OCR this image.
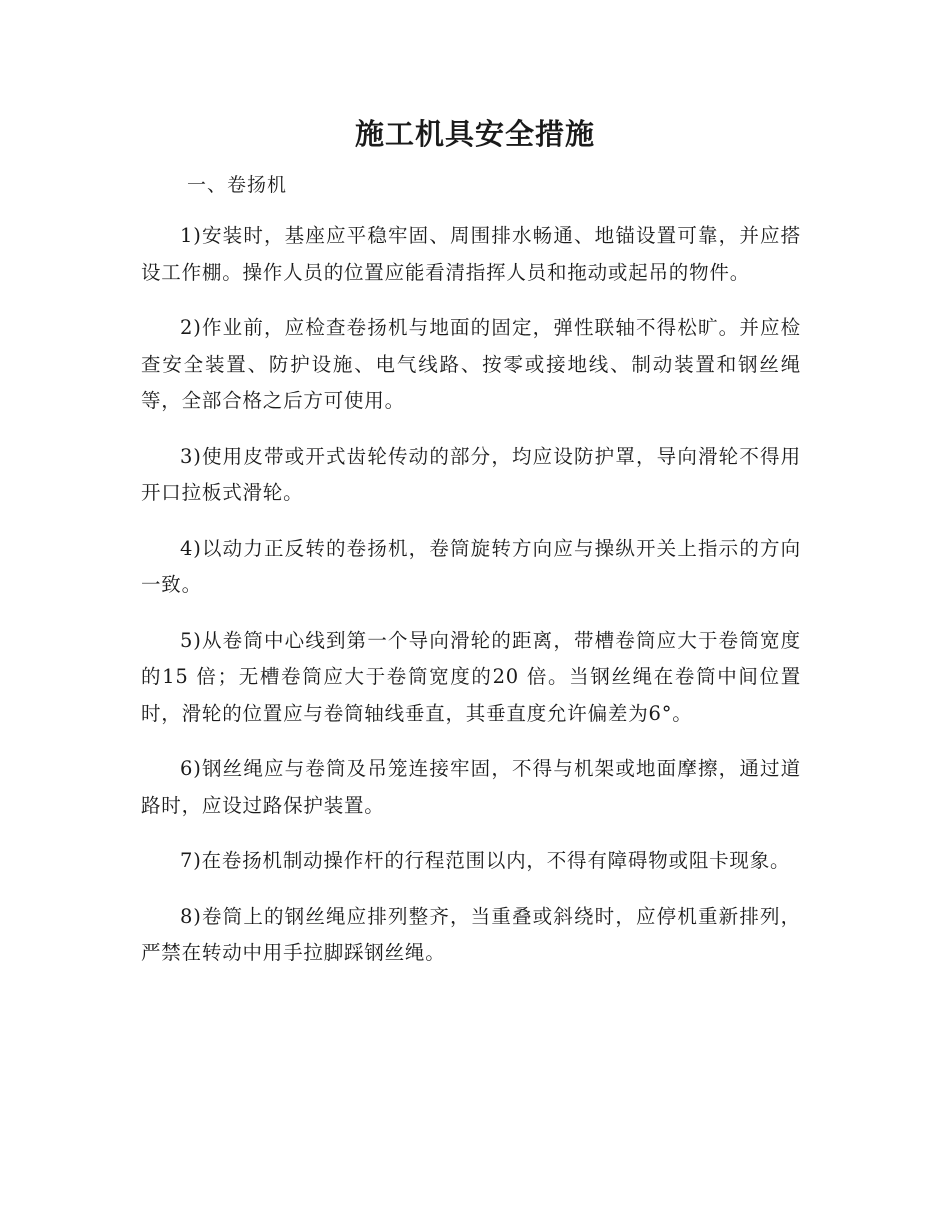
施工机具安全措施

一、卷扬机

1)安装时，基座应平稳牢固、周围排水畅通、地锚设置可靠，并应搭设工作棚。操作人员的位置应能看清指挥人员和拖动或起吊的物件。

2)作业前，应检查卷扬机与地面的固定，弹性联轴不得松旷。并应检查安全装置、防护设施、电气线路、按零或接地线、制动装置和钢丝绳等，全部合格之后方可使用。

3)使用皮带或开式齿轮传动的部分，均应设防护罩，导向滑轮不得用开口拉板式滑轮。

4)以动力正反转的卷扬机，卷筒旋转方向应与操纵开关上指示的方向一致。

5)从卷筒中心线到第一个导向滑轮的距离，带槽卷筒应大于卷筒宽度的15 倍；无槽卷筒应大于卷筒宽度的20 倍。当钢丝绳在卷筒中间位置时，滑轮的位置应与卷筒轴线垂直，其垂直度允许偏差为6°。

6)钢丝绳应与卷筒及吊笼连接牢固，不得与机架或地面摩擦，通过道路时，应设过路保护装置。

7)在卷扬机制动操作杆的行程范围以内，不得有障碍物或阻卡现象。

8)卷筒上的钢丝绳应排列整齐，当重叠或斜绕时，应停机重新排列，严禁在转动中用手拉脚踩钢丝绳。
